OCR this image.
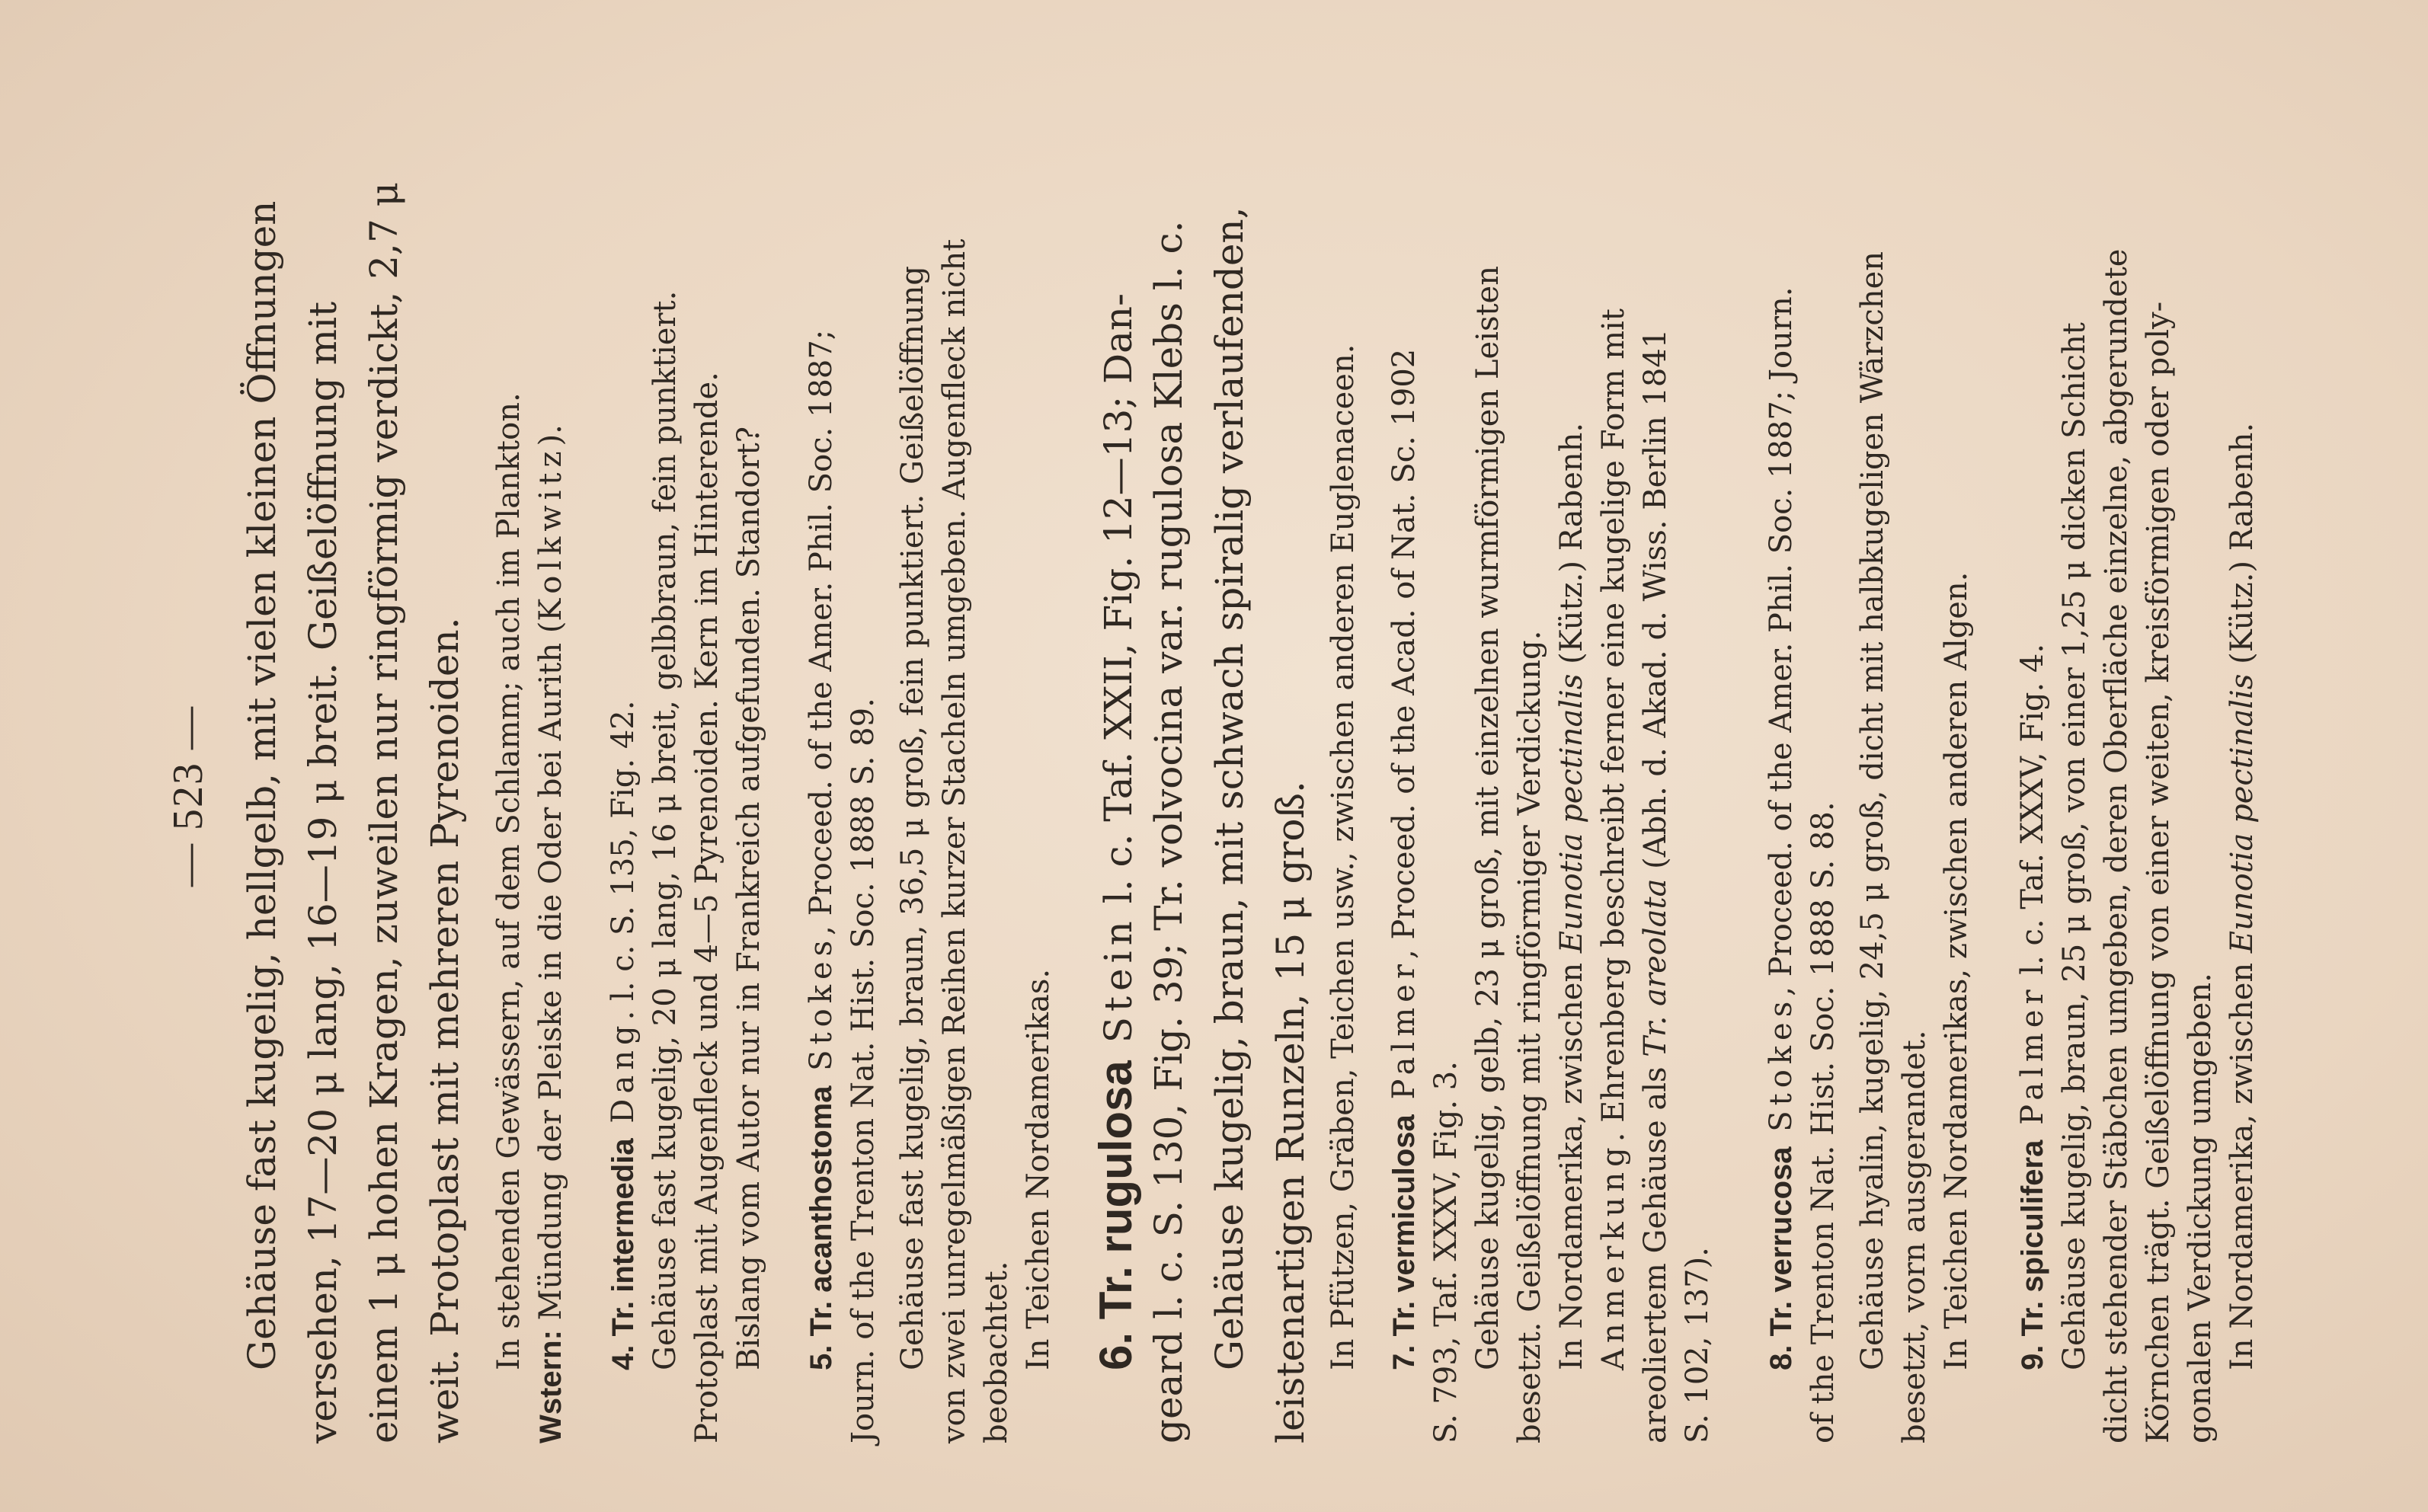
— 523 — Gehäuse fast kugelig, hellgelb, mit vielen kleinen Öffnungen versehen, 17—20 μ lang, 16—19 μ breit. Geißelöffnung mit einem 1 μ hohen Kragen, zuweilen nur ringförmig verdickt, 2,7 μ weit. Protoplast mit mehreren Pyrenoiden. In stehenden Gewässern, auf dem Schlamm; auch im Plankton.
Wstern: Mündung der Pleiske in die Oder bei Aurith (Kolkwitz).
4. Tr. intermedia Dang. l. c. S. 135, Fig. 42. Gehäuse fast kugelig, 20 μ lang, 16 μ breit, gelbbraun, fein punktiert. Protoplast mit Augenfleck und 4—5 Pyrenoiden. Kern im Hinterende. Bislang vom Autor nur in Frankreich aufgefunden. Standort? 5. Tr. acanthostoma Stokes, Proceed. of the Amer. Phil. Soc. 1887;
Journ. of the Trenton Nat. Hist. Soc. 1888 S. 89. Gehäuse fast kugelig, braun, 36,5 μ groß, fein punktiert. Geißelöffnung von zwei unregelmäßigen Reihen kurzer Stacheln umgeben. Augenfleck nicht beobachtet. In Teichen Nordamerikas. 6. Tr. rugulosa Stein l. c. Taf. XXII, Fig. 12—13; Dan- geard l. c. S. 130, Fig. 39; Tr. volvocina var. rugulosa Klebs l. c. Gehäuse kugelig, braun, mit schwach spiralig verlaufenden, leistenartigen Runzeln, 15 μ groß. In Pfützen, Gräben, Teichen usw., zwischen anderen Euglenaceen. 7. Tr. vermiculosa Palmer, Proceed. of the Acad. of Nat. Sc. 1902
S. 793, Taf. XXXV, Fig. 3. Gehäuse kugelig, gelb, 23 μ groß, mit einzelnen wurmförmigen Leisten besetzt. Geißelöffnung mit ringförmiger Verdickung. In Nordamerika, zwischen Eunotia pectinalis (Kütz.) Rabenh.
Anmerkung. Ehrenberg beschreibt ferner eine kugelige Form mit
areoliertem Gehäuse als Tr. areolata (Abh. d. Akad. d. Wiss. Berlin 1841
S. 102, 137). 8. Tr. verrucosa Stokes, Proceed. of the Amer. Phil. Soc. 1887; Journ.
of the Trenton Nat. Hist. Soc. 1888 S. 88. Gehäuse hyalin, kugelig, 24,5 μ groß, dicht mit halbkugeligen Wärzchen besetzt, vorn ausgerandet. In Teichen Nordamerikas, zwischen anderen Algen. 9. Tr. spiculifera Palmer l. c. Taf. XXXV, Fig. 4. Gehäuse kugelig, braun, 25 μ groß, von einer 1,25 μ dicken Schicht dicht stehender Stäbchen umgeben, deren Oberfläche einzelne, abgerundete Körnchen trägt. Geißelöffnung von einer weiten, kreisförmigen oder poly- gonalen Verdickung umgeben. In Nordamerika, zwischen Eunotia pectinalis (Kütz.) Rabenh.
